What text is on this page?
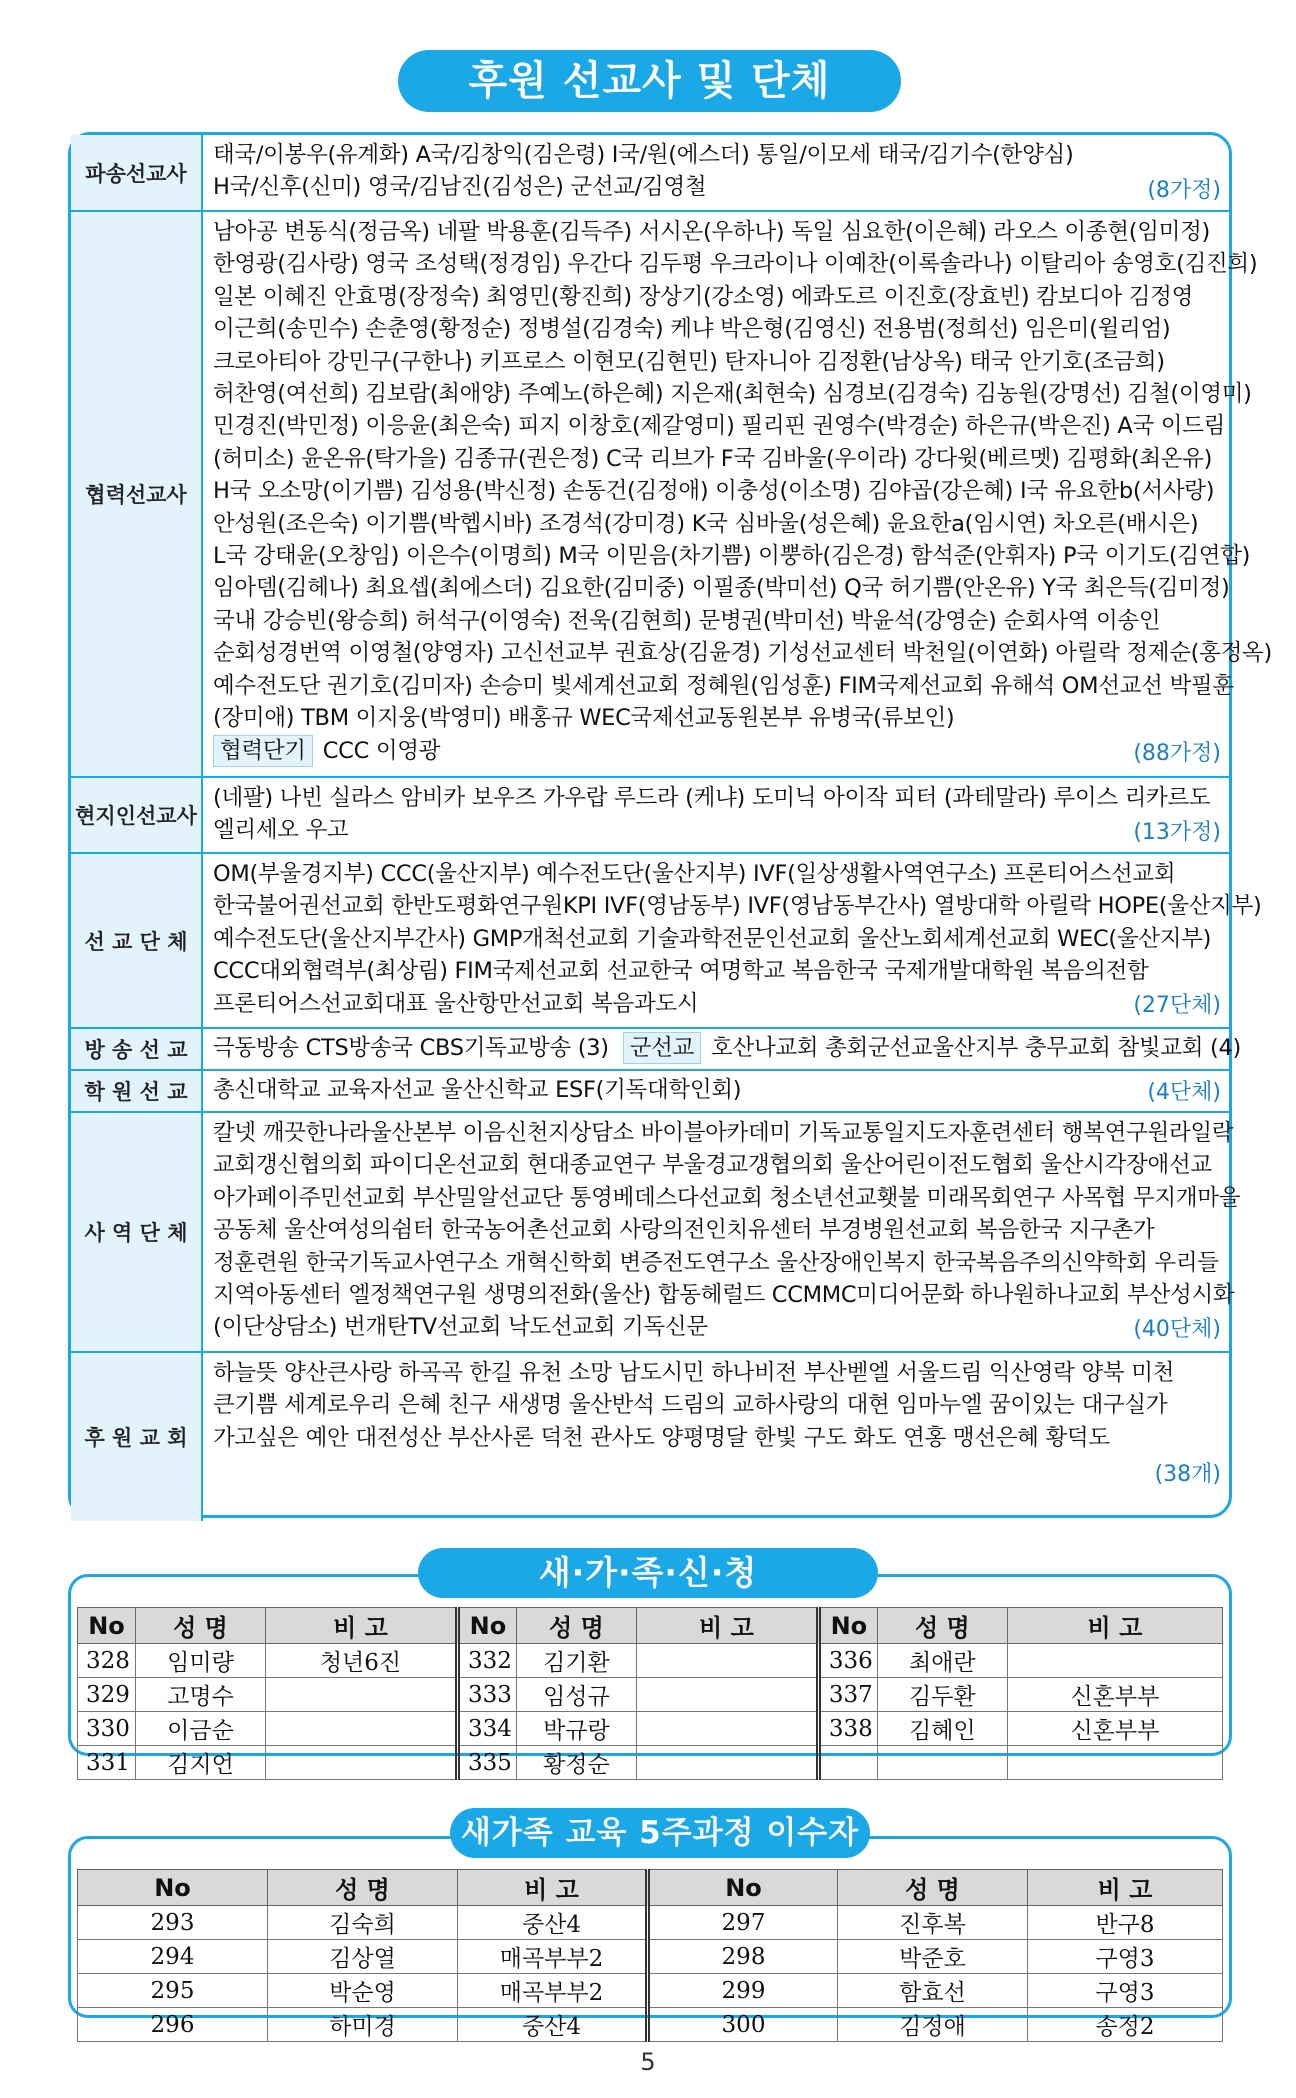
후원 선교사 및 단체
파송선교사

태국/이봉우(유계화) A국/김창익(김은령) I국/원(에스더) 통일/이모세 태국/김기수(한양심)

H국/신후(신미) 영국/김남진(김성은) 군선교/김영철	(8가정)
협력선교사

남아공 변동식(정금옥) 네팔 박용훈(김득주) 서시온(우하나) 독일 심요한(이은혜) 라오스 이종현(임미정)

한영광(김사랑) 영국 조성택(정경임) 우간다 김두평 우크라이나 이예찬(이록솔라나) 이탈리아 송영호(김진희)

일본 이혜진 안효명(장정숙) 최영민(황진희) 장상기(강소영) 에콰도르 이진호(장효빈) 캄보디아 김정영

이근희(송민수) 손춘영(황정순) 정병설(김경숙) 케냐 박은형(김영신) 전용범(정희선) 임은미(윌리엄)

크로아티아 강민구(구한나) 키프로스 이현모(김현민) 탄자니아 김정환(남상옥) 태국 안기호(조금희)

허찬영(여선희) 김보람(최애양) 주예노(하은혜) 지은재(최현숙) 심경보(김경숙) 김농원(강명선) 김철(이영미)

민경진(박민정) 이응윤(최은숙) 피지 이창호(제갈영미) 필리핀 권영수(박경순) 하은규(박은진) A국 이드림

(허미소) 윤온유(탁가을) 김종규(권은정) C국 리브가 F국 김바울(우이라) 강다윗(베르멧) 김평화(최온유)

H국 오소망(이기쁨) 김성용(박신정) 손동건(김정애) 이충성(이소명) 김야곱(강은혜) I국 유요한b(서사랑)

안성원(조은숙) 이기쁨(박헵시바) 조경석(강미경) K국 심바울(성은혜) 윤요한a(임시연) 차오른(배시은)

L국 강태윤(오창임) 이은수(이명희) M국 이믿음(차기쁨) 이뿡하(김은경) 함석준(안휘자) P국 이기도(김연합)

임아뎀(김헤나) 최요셉(최에스더) 김요한(김미중) 이필종(박미선) Q국 허기쁨(안온유) Y국 최은득(김미정)

국내 강승빈(왕승희) 허석구(이영숙) 전욱(김현희) 문병권(박미선) 박윤석(강영순) 순회사역 이송인

순회성경번역 이영철(양영자) 고신선교부 권효상(김윤경) 기성선교센터 박천일(이연화) 아릴락 정제순(홍정옥)

예수전도단 권기호(김미자) 손승미 빛세계선교회 정혜원(임성훈) FIM국제선교회 유해석 OM선교선 박필훈

(장미애) TBM 이지웅(박영미) 배홍규 WEC국제선교동원본부 유병국(류보인)

협력단기 CCC 이영광	(88가정)
현지인선교사

(네팔) 나빈 실라스 암비카 보우즈 가우랍 루드라 (케냐) 도미닉 아이작 피터 (과테말라) 루이스 리카르도

엘리세오 우고	(13가정)
선 교 단 체

OM(부울경지부) CCC(울산지부) 예수전도단(울산지부) IVF(일상생활사역연구소) 프론티어스선교회

한국불어권선교회 한반도평화연구원KPI IVF(영남동부) IVF(영남동부간사) 열방대학 아릴락 HOPE(울산지부)

예수전도단(울산지부간사) GMP개척선교회 기술과학전문인선교회 울산노회세계선교회 WEC(울산지부)

CCC대외협력부(최상림) FIM국제선교회 선교한국 여명학교 복음한국 국제개발대학원 복음의전함

프론티어스선교회대표 울산항만선교회 복음과도시	(27단체)
방 송 선 교	극동방송 CTS방송국 CBS기독교방송 (3) 군선교 호산나교회 총회군선교울산지부 충무교회 참빛교회 (4)

학 원 선 교	총신대학교 교육자선교 울산신학교 ESF(기독대학인회)	(4단체)
사 역 단 체

칼넷 깨끗한나라울산본부 이음신천지상담소 바이블아카데미 기독교통일지도자훈련센터 행복연구원라일락

교회갱신협의회 파이디온선교회 현대종교연구 부울경교갱협의회 울산어린이전도협회 울산시각장애선교

아가페이주민선교회 부산밀알선교단 통영베데스다선교회 청소년선교횃불 미래목회연구 사목협 무지개마을

공동체 울산여성의쉼터 한국농어촌선교회 사랑의전인치유센터 부경병원선교회 복음한국 지구촌가

정훈련원 한국기독교사연구소 개혁신학회 변증전도연구소 울산장애인복지 한국복음주의신약학회 우리들

지역아동센터 엘정책연구원 생명의전화(울산) 합동헤럴드 CCMMC미디어문화 하나원하나교회 부산성시화

(이단상담소) 번개탄TV선교회 낙도선교회 기독신문	(40단체)
후 원 교 회

하늘뜻 양산큰사랑 하곡곡 한길 유천 소망 남도시민 하나비전 부산벧엘 서울드림 익산영락 양북 미천

큰기쁨 세계로우리 은혜 친구 새생명 울산반석 드림의 교하사랑의 대현 임마누엘 꿈이있는 대구실가

가고싶은 예안 대전성산 부산사론 덕천 관사도 양평명달 한빛 구도 화도 연홍 맹선은혜 황덕도

(38개)
No	성 명	비 고	No	성 명	비 고	No	성 명	비 고
328	임미량	청년6진	332	김기환		336	최애란	
329	고명수		333	임성규		337	김두환	신혼부부
330	이금순		334	박규랑		338	김혜인	신혼부부
331	김지언		335	황정순				
새·가·족·신·청
No	성 명	비 고	No	성 명	비 고
293	김숙희	중산4	297	진후복	반구8
294	김상열	매곡부부2	298	박준호	구영3
295	박순영	매곡부부2	299	함효선	구영3
296	하미경	중산4	300	김정애	송정2
새가족 교육 5주과정 이수자
5
